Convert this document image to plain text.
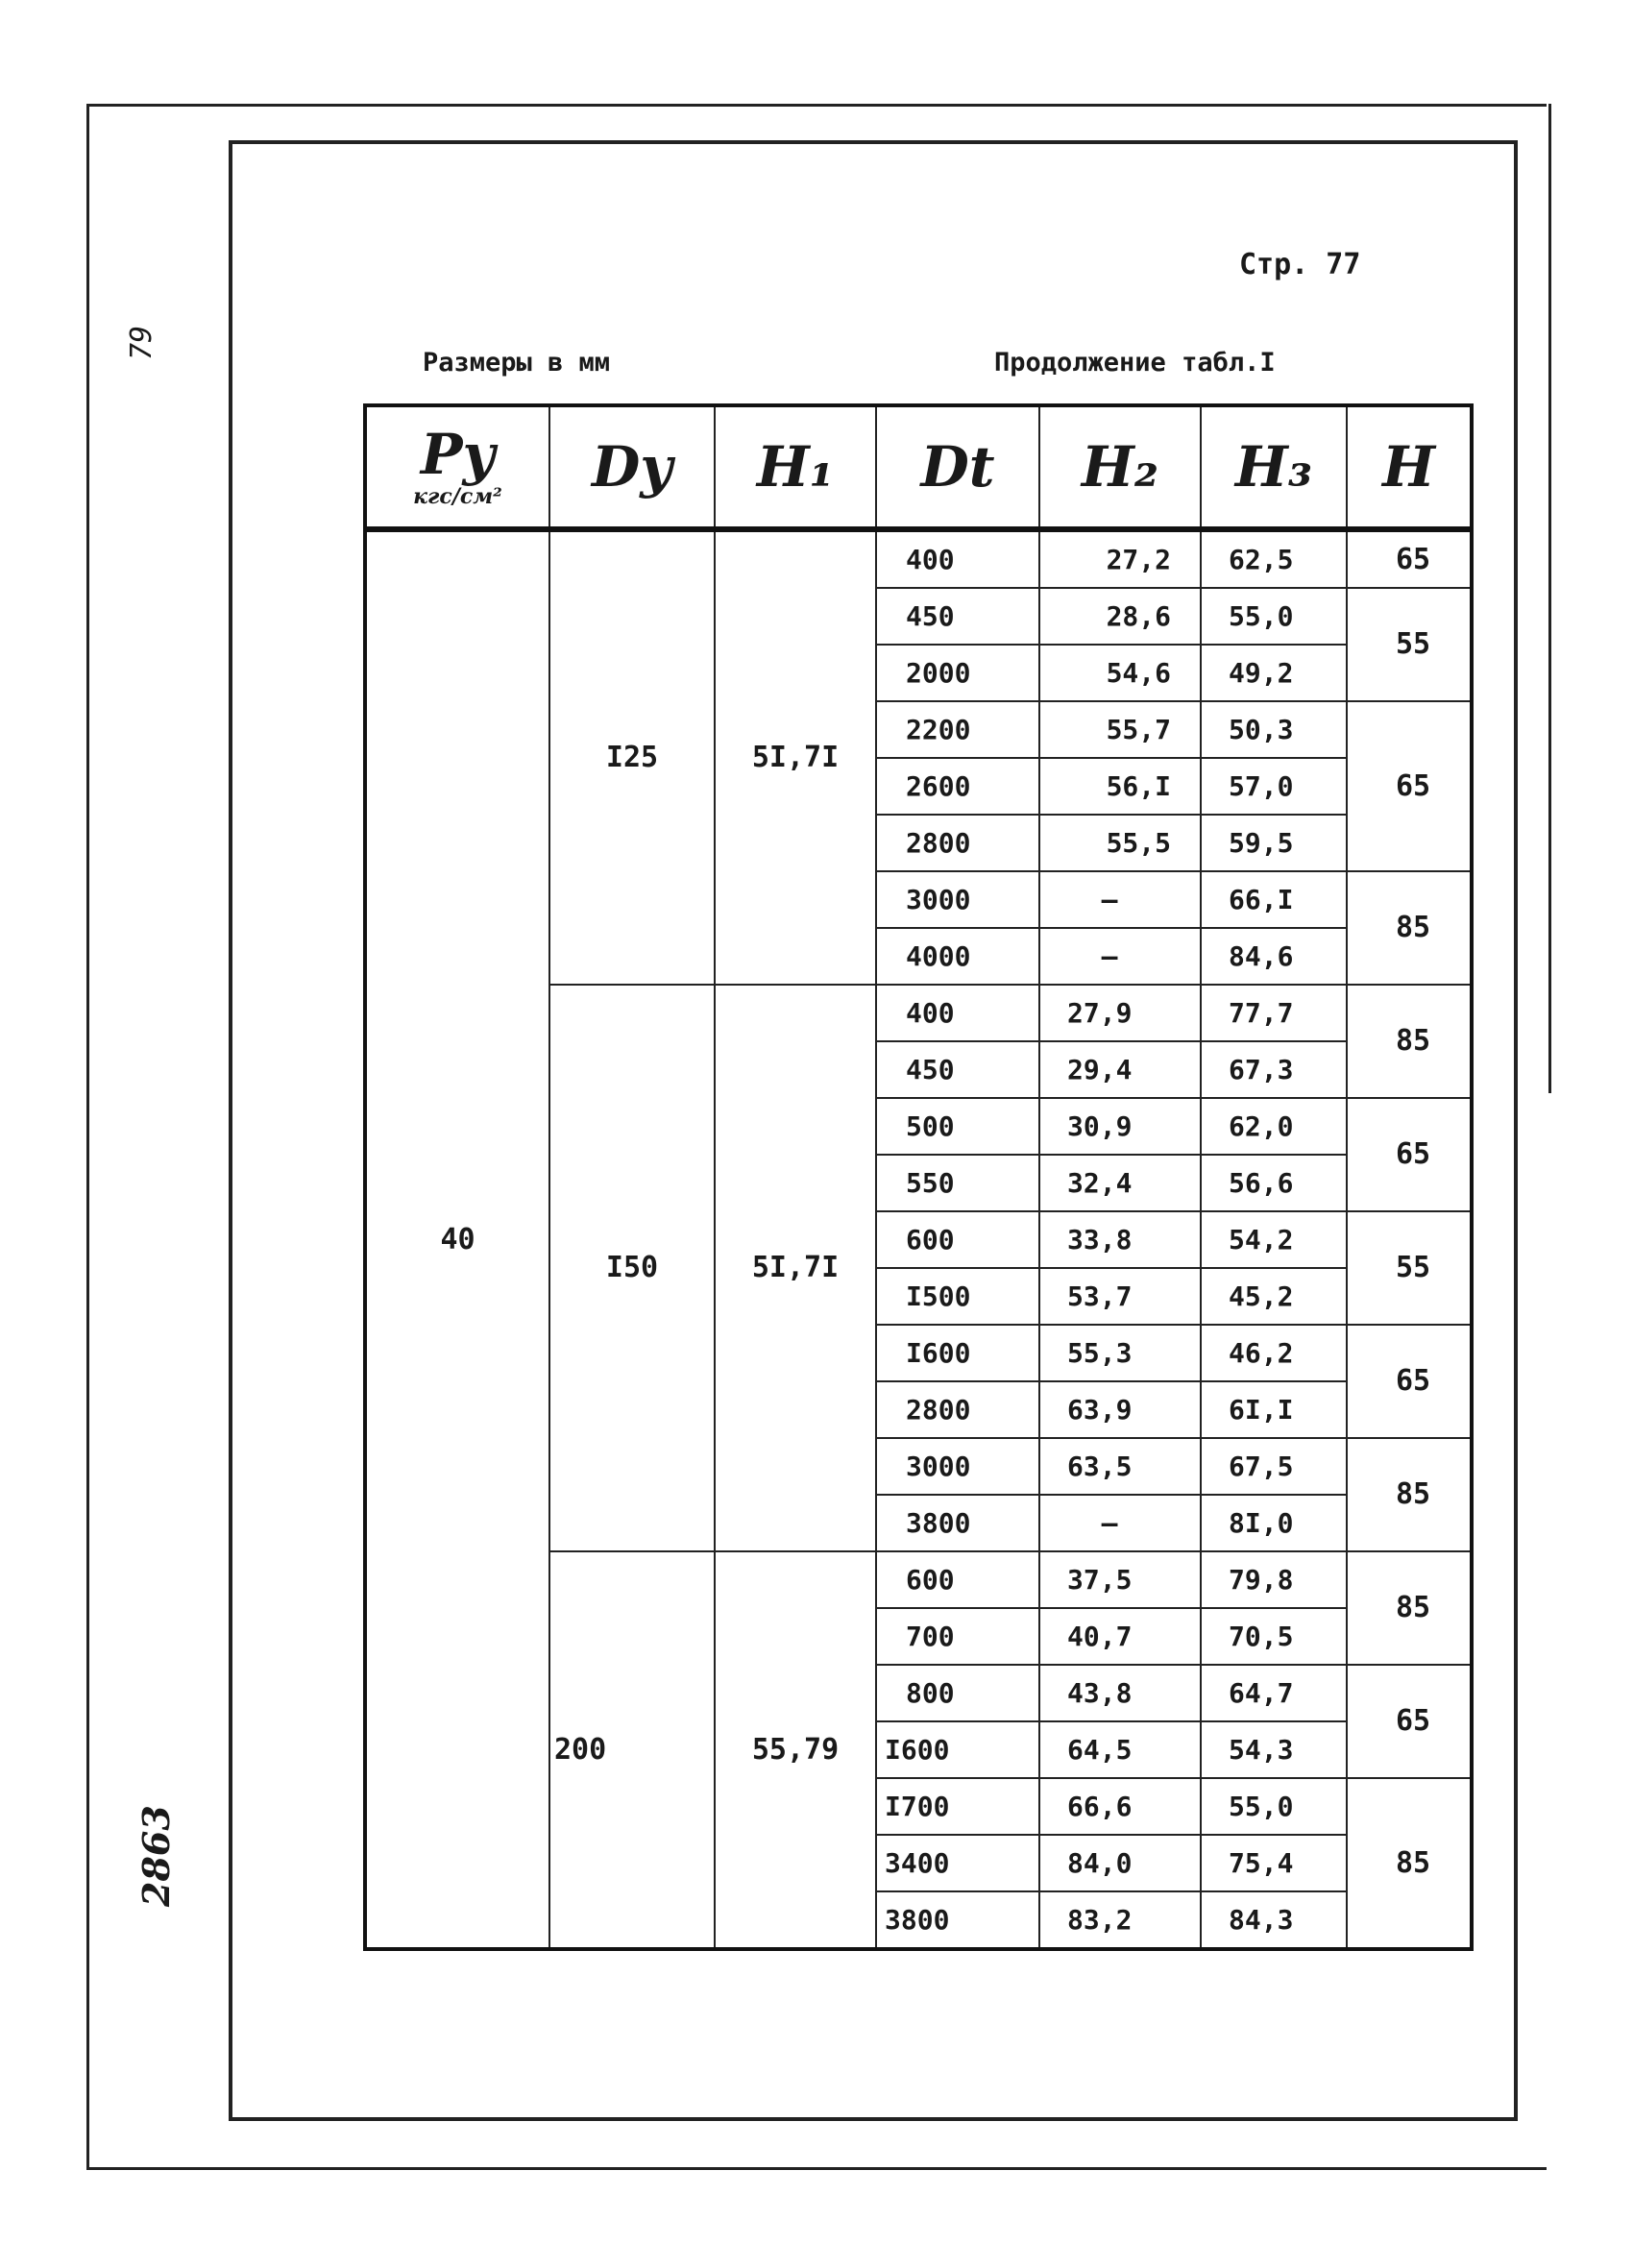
Стр. 77
Размеры в мм	Продолжение табл.I
79
2863
Py
кгс/см²	Dy	H₁	Dt	H₂	H₃	H
40	I25	5I,7I	400	27,2	62,5	65
			450	28,6	55,0	55
			2000	54,6	49,2	
			2200	55,7	50,3	65
			2600	56,I	57,0	
			2800	55,5	59,5	
			3000	—	66,I	85
			4000	—	84,6	
	I50	5I,7I	400	27,9	77,7	85
			450	29,4	67,3	
			500	30,9	62,0	65
			550	32,4	56,6	
			600	33,8	54,2	55
			I500	53,7	45,2	
			I600	55,3	46,2	65
			2800	63,9	6I,I	
			3000	63,5	67,5	85
			3800	—	8I,0	
	200	55,79	600	37,5	79,8	85
			700	40,7	70,5	
			800	43,8	64,7	65
			I600	64,5	54,3	
			I700	66,6	55,0	85
			3400	84,0	75,4	
			3800	83,2	84,3	
